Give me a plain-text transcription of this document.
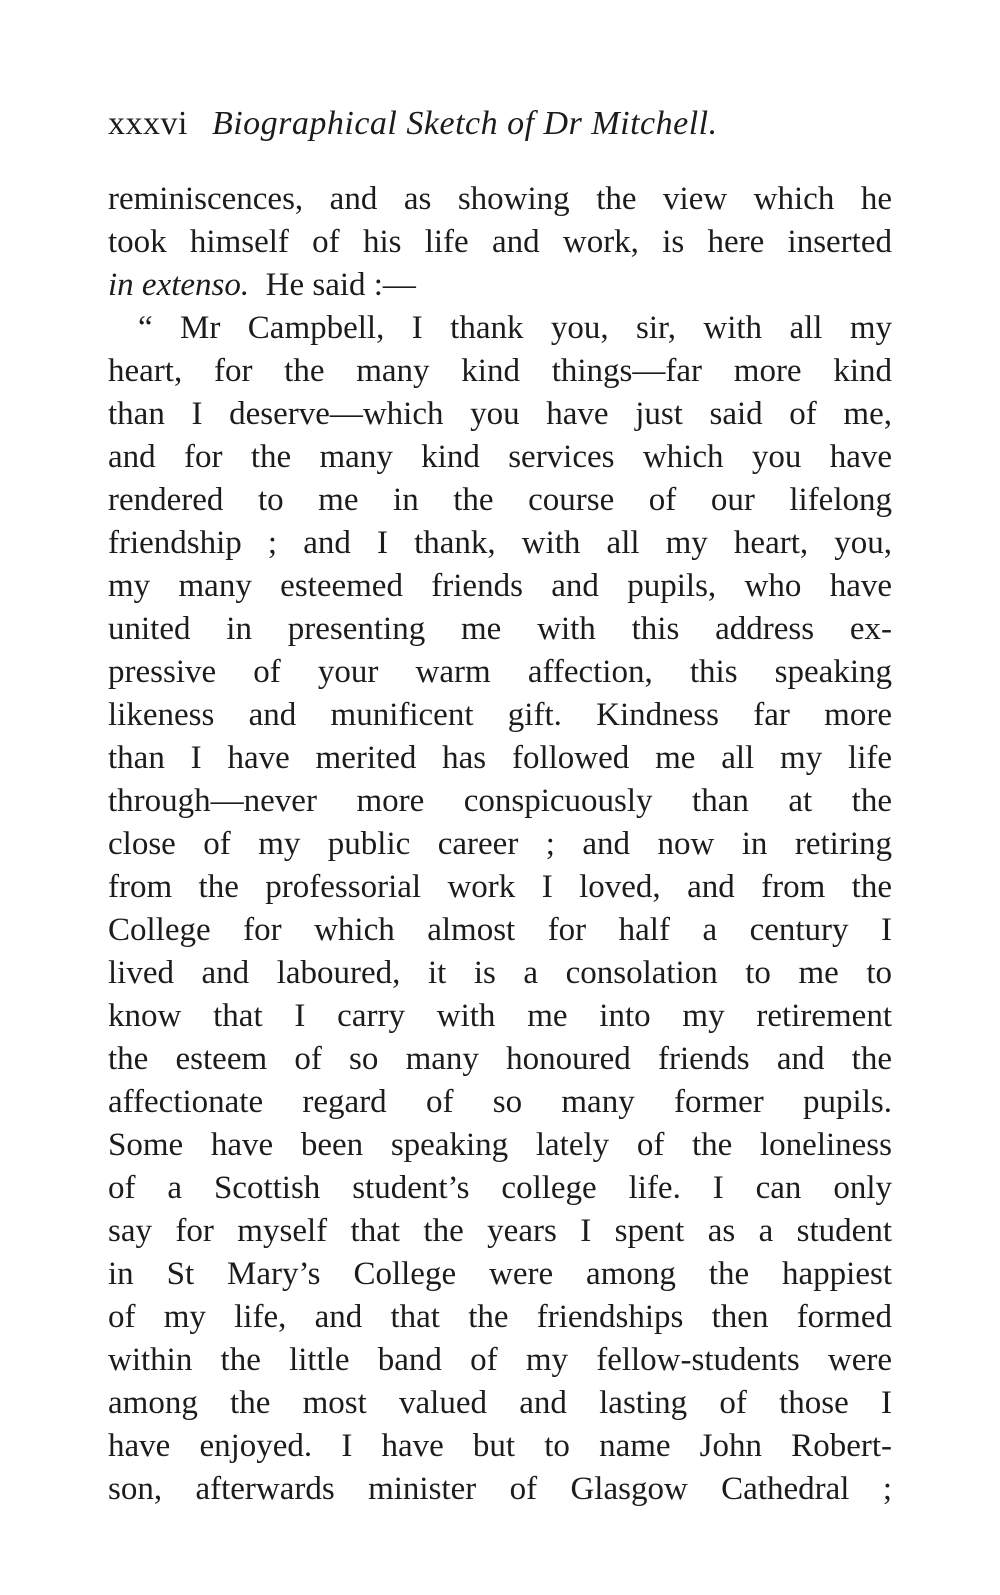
xxxvi Biographical Sketch of Dr Mitchell.
reminiscences, and as showing the view which he
took himself of his life and work, is here inserted
in extenso. He said :—
“ Mr Campbell, I thank you, sir, with all my
heart, for the many kind things—far more kind
than I deserve—which you have just said of me,
and for the many kind services which you have
rendered to me in the course of our lifelong
friendship ; and I thank, with all my heart, you,
my many esteemed friends and pupils, who have
united in presenting me with this address ex-
pressive of your warm affection, this speaking
likeness and munificent gift. Kindness far more
than I have merited has followed me all my life
through—never more conspicuously than at the
close of my public career ; and now in retiring
from the professorial work I loved, and from the
College for which almost for half a century I
lived and laboured, it is a consolation to me to
know that I carry with me into my retirement
the esteem of so many honoured friends and the
affectionate regard of so many former pupils.
Some have been speaking lately of the loneliness
of a Scottish student’s college life. I can only
say for myself that the years I spent as a student
in St Mary’s College were among the happiest
of my life, and that the friendships then formed
within the little band of my fellow-students were
among the most valued and lasting of those I
have enjoyed. I have but to name John Robert-
son, afterwards minister of Glasgow Cathedral ;
